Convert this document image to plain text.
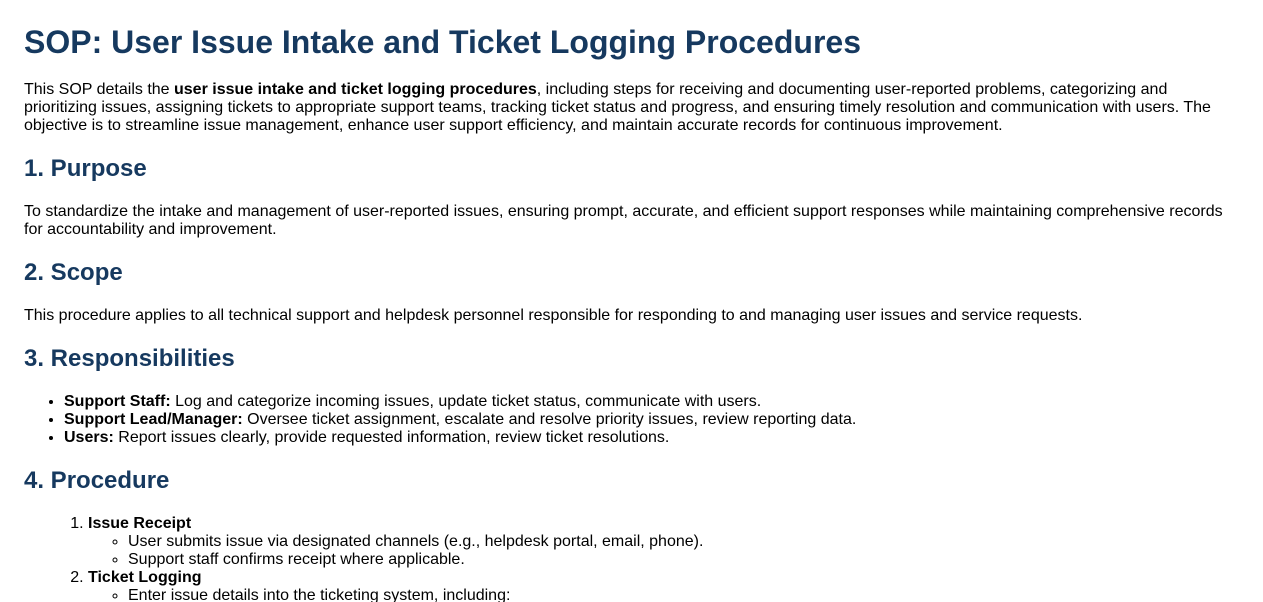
SOP: User Issue Intake and Ticket Logging Procedures

This SOP details the user issue intake and ticket logging procedures, including steps for receiving and documenting user-reported problems, categorizing and prioritizing issues, assigning tickets to appropriate support teams, tracking ticket status and progress, and ensuring timely resolution and communication with users. The objective is to streamline issue management, enhance user support efficiency, and maintain accurate records for continuous improvement.

1. Purpose

To standardize the intake and management of user-reported issues, ensuring prompt, accurate, and efficient support responses while maintaining comprehensive records for accountability and improvement.

2. Scope

This procedure applies to all technical support and helpdesk personnel responsible for responding to and managing user issues and service requests.

3. Responsibilities
• Support Staff: Log and categorize incoming issues, update ticket status, communicate with users.
• Support Lead/Manager: Oversee ticket assignment, escalate and resolve priority issues, review reporting data.
• Users: Report issues clearly, provide requested information, review ticket resolutions.
4. Procedure
1. Issue Receipt
◦ User submits issue via designated channels (e.g., helpdesk portal, email, phone).
◦ Support staff confirms receipt where applicable.
2. Ticket Logging
◦ Enter issue details into the ticketing system, including:
